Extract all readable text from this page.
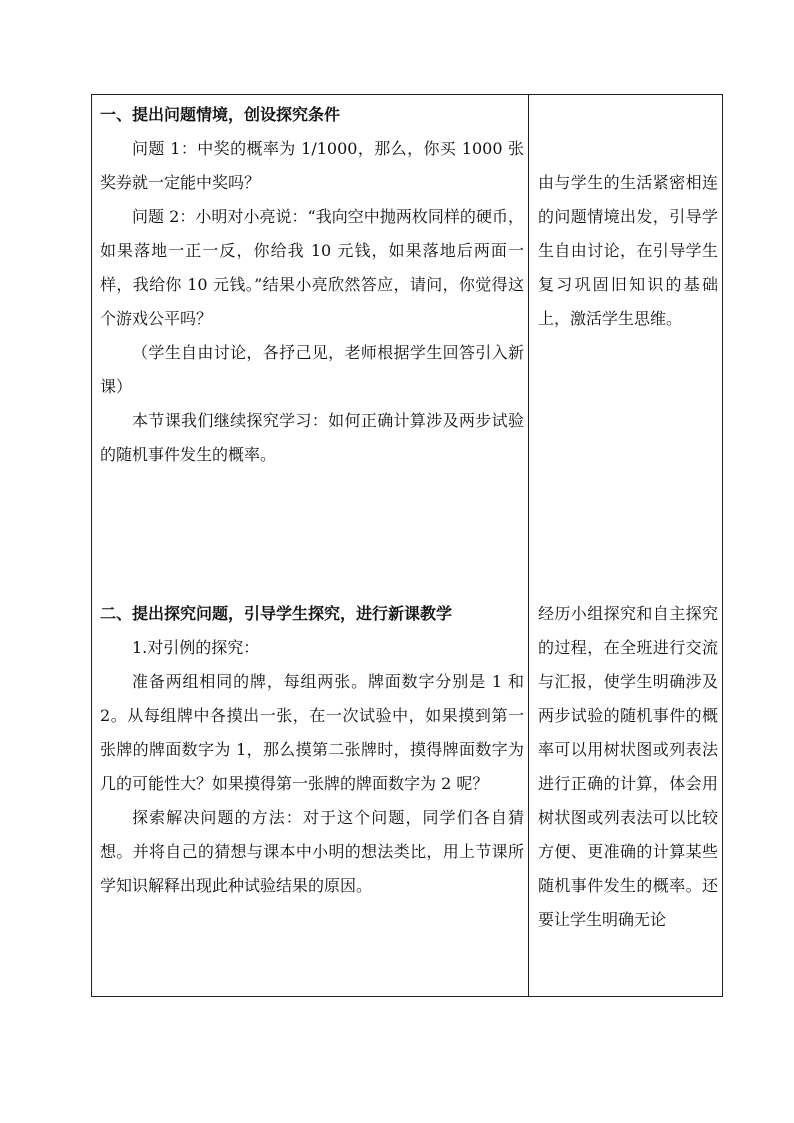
一、提出问题情境，创设探究条件

问题 1：中奖的概率为 1/1000，那么，你买 1000 张奖券就一定能中奖吗？

问题 2：小明对小亮说：“我向空中抛两枚同样的硬币，如果落地一正一反，你给我 10 元钱，如果落地后两面一样，我给你 10 元钱。”结果小亮欣然答应，请问，你觉得这个游戏公平吗？

（学生自由讨论，各抒己见，老师根据学生回答引入新课）

本节课我们继续探究学习：如何正确计算涉及两步试验的随机事件发生的概率。

由与学生的生活紧密相连的问题情境出发，引导学生自由讨论，在引导学生复习巩固旧知识的基础上，激活学生思维。

二、提出探究问题，引导学生探究，进行新课教学

1.对引例的探究：

准备两组相同的牌，每组两张。牌面数字分别是 1 和 2。从每组牌中各摸出一张，在一次试验中，如果摸到第一张牌的牌面数字为 1，那么摸第二张牌时，摸得牌面数字为几的可能性大？如果摸得第一张牌的牌面数字为 2 呢？

探索解决问题的方法：对于这个问题，同学们各自猜想。并将自己的猜想与课本中小明的想法类比，用上节课所学知识解释出现此种试验结果的原因。

经历小组探究和自主探究的过程，在全班进行交流与汇报，使学生明确涉及两步试验的随机事件的概率可以用树状图或列表法进行正确的计算，体会用树状图或列表法可以比较方便、更准确的计算某些随机事件发生的概率。还要让学生明确无论
